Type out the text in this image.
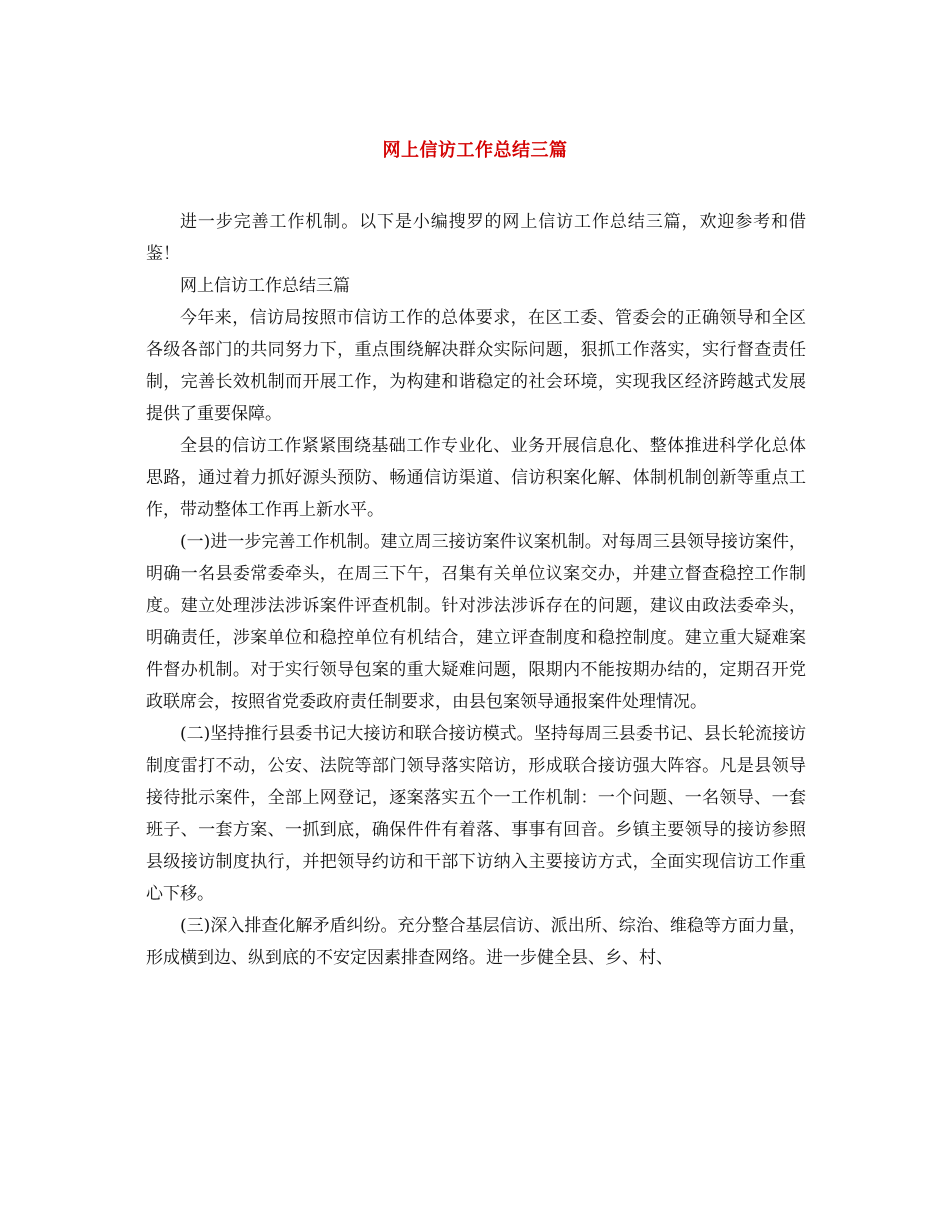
网上信访工作总结三篇

进一步完善工作机制。以下是小编搜罗的网上信访工作总结三篇，欢迎参考和借鉴！

网上信访工作总结三篇

今年来，信访局按照市信访工作的总体要求，在区工委、管委会的正确领导和全区各级各部门的共同努力下，重点围绕解决群众实际问题，狠抓工作落实，实行督查责任制，完善长效机制而开展工作，为构建和谐稳定的社会环境，实现我区经济跨越式发展提供了重要保障。

全县的信访工作紧紧围绕基础工作专业化、业务开展信息化、整体推进科学化总体思路，通过着力抓好源头预防、畅通信访渠道、信访积案化解、体制机制创新等重点工作，带动整体工作再上新水平。

(一)进一步完善工作机制。建立周三接访案件议案机制。对每周三县领导接访案件，明确一名县委常委牵头，在周三下午，召集有关单位议案交办，并建立督查稳控工作制度。建立处理涉法涉诉案件评查机制。针对涉法涉诉存在的问题，建议由政法委牵头，明确责任，涉案单位和稳控单位有机结合，建立评查制度和稳控制度。建立重大疑难案件督办机制。对于实行领导包案的重大疑难问题，限期内不能按期办结的，定期召开党政联席会，按照省党委政府责任制要求，由县包案领导通报案件处理情况。

(二)坚持推行县委书记大接访和联合接访模式。坚持每周三县委书记、县长轮流接访制度雷打不动，公安、法院等部门领导落实陪访，形成联合接访强大阵容。凡是县领导接待批示案件，全部上网登记，逐案落实五个一工作机制：一个问题、一名领导、一套班子、一套方案、一抓到底，确保件件有着落、事事有回音。乡镇主要领导的接访参照县级接访制度执行，并把领导约访和干部下访纳入主要接访方式，全面实现信访工作重心下移。

(三)深入排查化解矛盾纠纷。充分整合基层信访、派出所、综治、维稳等方面力量，形成横到边、纵到底的不安定因素排查网络。进一步健全县、乡、村、
